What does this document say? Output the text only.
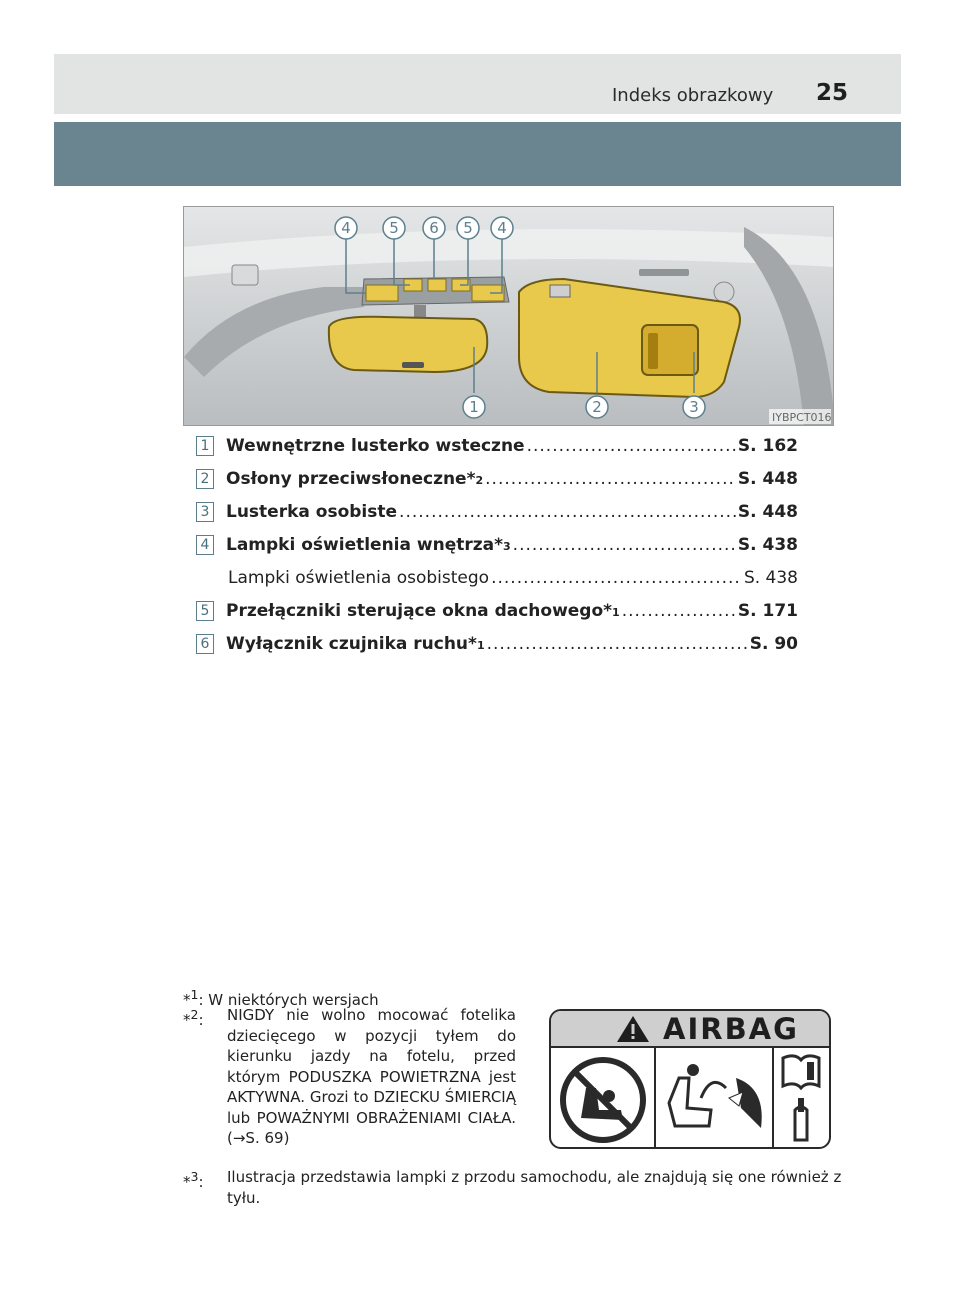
Indeks obrazkowy 25
4	5 6 5 4
1	2	3
IYBPCT016
1 Wewnętrzne lusterko wsteczne .....	S. 162
2 Osłony przeciwsłoneczne* 2 .....	S. 448
3 Lusterka osobiste .....	S. 448
4 Lampki oświetlenia wnętrza* 3 .....	S. 438
Lampki oświetlenia osobistego .....	S. 438
5 Przełączniki sterujące okna dachowego* 1 .....	S. 171
6 Wyłącznik czujnika ruchu* 1 .....	S. 90
*$^1$: W niektórych wersjach
*$^2$: NIGDY nie wolno mocować fotelika dziecięcego w pozycji tyłem do kierunku jazdy na fotelu, przed którym PODUSZKA POWIETRZNA jest AKTYWNA. Grozi to DZIECKU ŚMIERCIĄ lub POWAŻNYMI OBRAŻENIAMI CIAŁA. (→S. 69)
*$^3$: Ilustracja przedstawia lampki z przodu samochodu, ale znajdują się one również z tyłu.
AIRBAG
